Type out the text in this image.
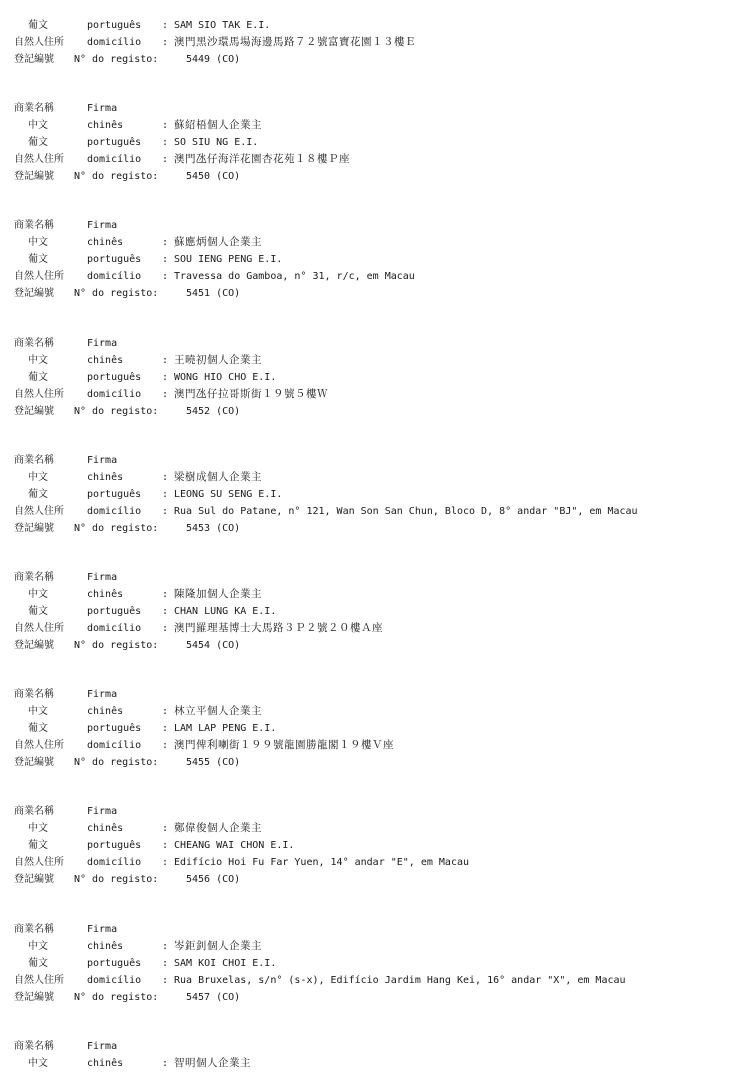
葡文	português : SAM SIO TAK E.I.
自然人住所 domicílio : 澳門黑沙環馬場海邊馬路７２號富寶花園１３樓Ｅ
登記編號 N° do registo:	5449 (CO)
商業名稱	Firma
中文	chinês	: 蘇紹梧個人企業主
葡文	português : SO SIU NG E.I.
自然人住所 domicílio : 澳門氹仔海洋花園杏花苑１８樓Ｐ座
登記編號 N° do registo:	5450 (CO)
商業名稱	Firma
中文	chinês	: 蘇應炳個人企業主
葡文	português : SOU IENG PENG E.I.
自然人住所 domicílio : Travessa do Gamboa, n° 31, r/c, em Macau
登記編號 N° do registo:	5451 (CO)
商業名稱	Firma
中文	chinês	: 王曉初個人企業主
葡文	português : WONG HIO CHO E.I.
自然人住所 domicílio : 澳門氹仔拉哥斯街１９號５樓Ｗ
登記編號 N° do registo:	5452 (CO)
商業名稱	Firma
中文	chinês	: 梁樹成個人企業主
葡文	português : LEONG SU SENG E.I.
自然人住所 domicílio : Rua Sul do Patane, n° 121, Wan Son San Chun, Bloco D, 8° andar "BJ", em Macau
登記編號 N° do registo:	5453 (CO)
商業名稱	Firma
中文	chinês	: 陳隆加個人企業主
葡文	português : CHAN LUNG KA E.I.
自然人住所 domicílio : 澳門羅理基博士大馬路３Ｐ２號２０樓Ａ座
登記編號 N° do registo:	5454 (CO)
商業名稱	Firma
中文	chinês	: 林立平個人企業主
葡文	português : LAM LAP PENG E.I.
自然人住所 domicílio : 澳門俾利喇街１９９號龍園勝龍閣１９樓Ｖ座
登記編號 N° do registo:	5455 (CO)
商業名稱	Firma
中文	chinês	: 鄭偉俊個人企業主
葡文	português : CHEANG WAI CHON E.I.
自然人住所 domicílio : Edifício Hoi Fu Far Yuen, 14° andar "E", em Macau
登記編號 N° do registo:	5456 (CO)
商業名稱	Firma
中文	chinês	: 岑鉅釗個人企業主
葡文	português : SAM KOI CHOI E.I.
自然人住所 domicílio : Rua Bruxelas, s/n° (s-x), Edifício Jardim Hang Kei, 16° andar "X", em Macau
登記編號 N° do registo:	5457 (CO)
商業名稱	Firma
中文	chinês	: 智明個人企業主
